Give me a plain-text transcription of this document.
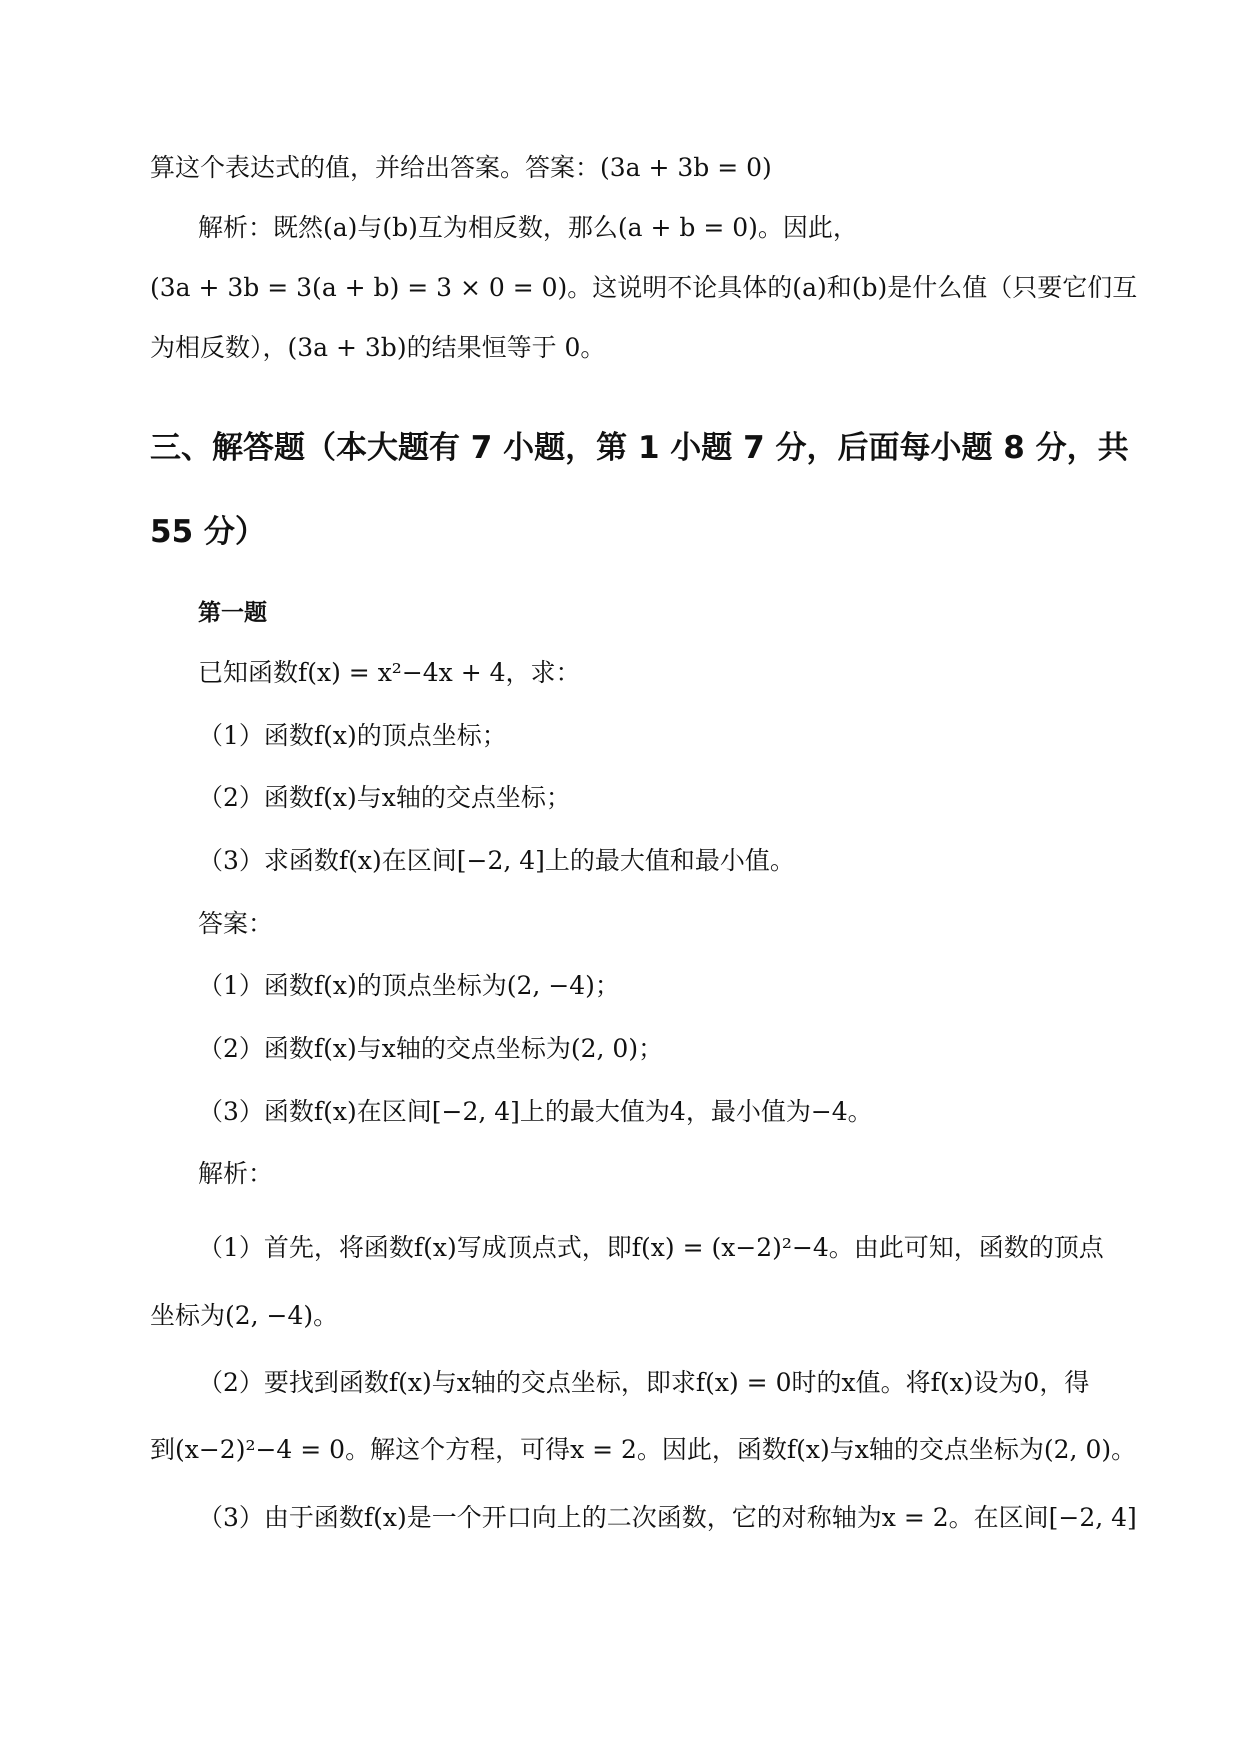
算这个表达式的值，并给出答案。答案：(3a + 3b = 0)
解析：既然(a)与(b)互为相反数，那么(a + b = 0)。因此，
(3a + 3b = 3(a + b) = 3 × 0 = 0)。这说明不论具体的(a)和(b)是什么值（只要它们互
为相反数），(3a + 3b)的结果恒等于 0。
三、解答题（本大题有 7 小题，第 1 小题 7 分，后面每小题 8 分，共
55 分）
第一题
已知函数f(x) = x²−4x + 4，求：
（1）函数f(x)的顶点坐标；
（2）函数f(x)与x轴的交点坐标；
（3）求函数f(x)在区间[−2, 4]上的最大值和最小值。
答案：
（1）函数f(x)的顶点坐标为(2, −4)；
（2）函数f(x)与x轴的交点坐标为(2, 0)；
（3）函数f(x)在区间[−2, 4]上的最大值为4，最小值为−4。
解析：
（1）首先，将函数f(x)写成顶点式，即f(x) = (x−2)²−4。由此可知，函数的顶点
坐标为(2, −4)。
（2）要找到函数f(x)与x轴的交点坐标，即求f(x) = 0时的x值。将f(x)设为0，得
到(x−2)²−4 = 0。解这个方程，可得x = 2。因此，函数f(x)与x轴的交点坐标为(2, 0)。
（3）由于函数f(x)是一个开口向上的二次函数，它的对称轴为x = 2。在区间[−2, 4]
